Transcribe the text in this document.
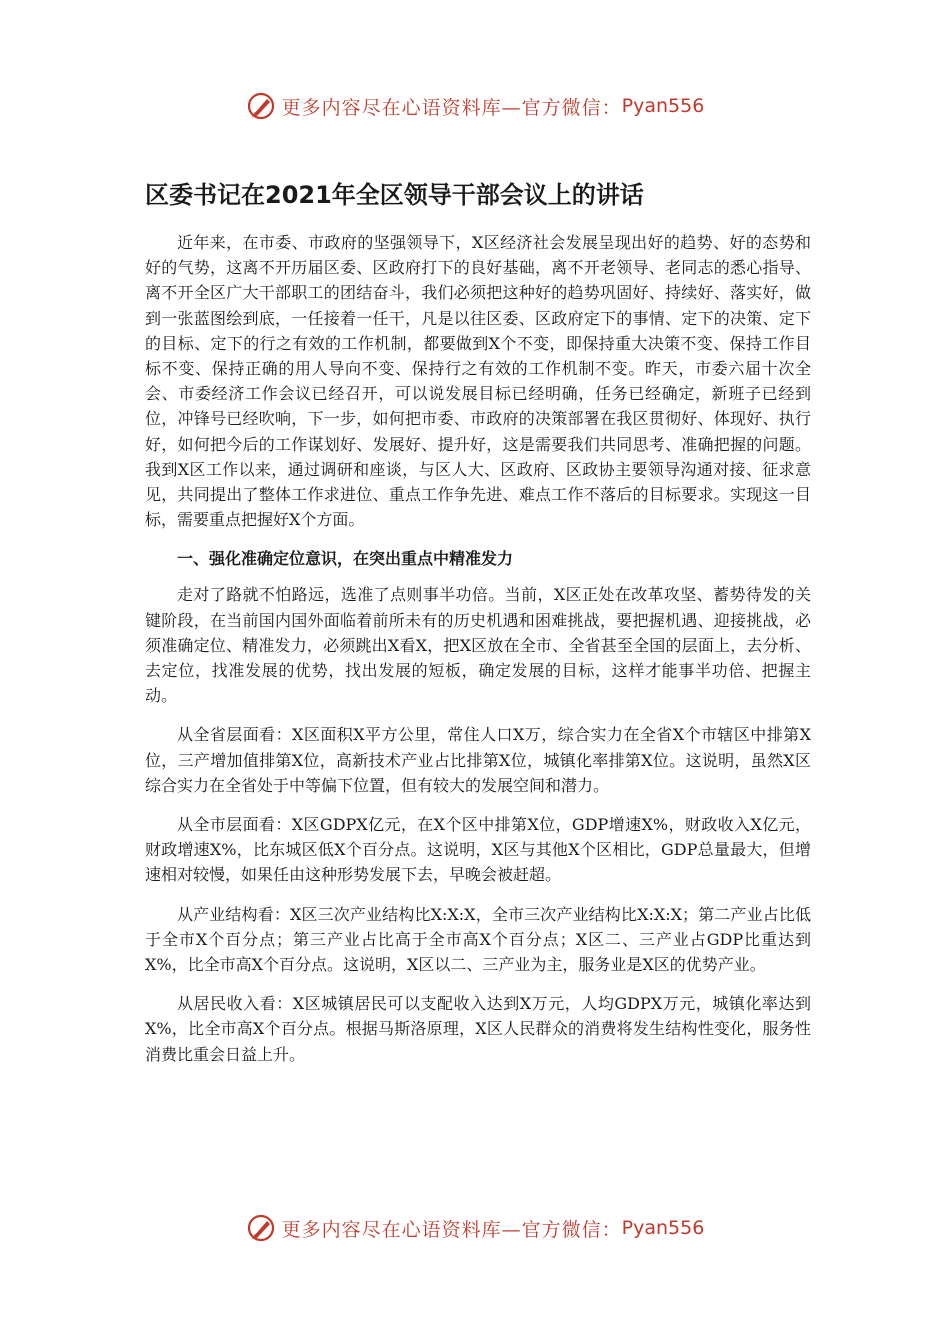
更多内容尽在心语资料库—官方微信： Pyan556
区委书记在2021年全区领导干部会议上的讲话

近年来，在市委、市政府的坚强领导下，X区经济社会发展呈现出好的趋势、好的态势和好的气势，这离不开历届区委、区政府打下的良好基础，离不开老领导、老同志的悉心指导、离不开全区广大干部职工的团结奋斗，我们必须把这种好的趋势巩固好、持续好、落实好，做到一张蓝图绘到底，一任接着一任干，凡是以往区委、区政府定下的事情、定下的决策、定下的目标、定下的行之有效的工作机制，都要做到X个不变，即保持重大决策不变、保持工作目标不变、保持正确的用人导向不变、保持行之有效的工作机制不变。昨天，市委六届十次全会、市委经济工作会议已经召开，可以说发展目标已经明确，任务已经确定，新班子已经到位，冲锋号已经吹响，下一步，如何把市委、市政府的决策部署在我区贯彻好、体现好、执行好，如何把今后的工作谋划好、发展好、提升好，这是需要我们共同思考、准确把握的问题。我到X区工作以来，通过调研和座谈，与区人大、区政府、区政协主要领导沟通对接、征求意见，共同提出了整体工作求进位、重点工作争先进、难点工作不落后的目标要求。实现这一目标，需要重点把握好X个方面。

一、强化准确定位意识，在突出重点中精准发力

走对了路就不怕路远，选准了点则事半功倍。当前，X区正处在改革攻坚、蓄势待发的关键阶段，在当前国内国外面临着前所未有的历史机遇和困难挑战，要把握机遇、迎接挑战，必须准确定位、精准发力，必须跳出X看X，把X区放在全市、全省甚至全国的层面上，去分析、去定位，找准发展的优势，找出发展的短板，确定发展的目标，这样才能事半功倍、把握主动。

从全省层面看：X区面积X平方公里，常住人口X万，综合实力在全省X个市辖区中排第X位，三产增加值排第X位，高新技术产业占比排第X位，城镇化率排第X位。这说明，虽然X区综合实力在全省处于中等偏下位置，但有较大的发展空间和潜力。

从全市层面看：X区GDPX亿元，在X个区中排第X位，GDP增速X%，财政收入X亿元，财政增速X%，比东城区低X个百分点。这说明，X区与其他X个区相比，GDP总量最大，但增速相对较慢，如果任由这种形势发展下去，早晚会被赶超。

从产业结构看：X区三次产业结构比X:X:X，全市三次产业结构比X:X:X；第二产业占比低于全市X个百分点；第三产业占比高于全市高X个百分点；X区二、三产业占GDP比重达到X%，比全市高X个百分点。这说明，X区以二、三产业为主，服务业是X区的优势产业。

从居民收入看：X区城镇居民可以支配收入达到X万元，人均GDPX万元，城镇化率达到X%，比全市高X个百分点。根据马斯洛原理，X区人民群众的消费将发生结构性变化，服务性消费比重会日益上升。

更多内容尽在心语资料库—官方微信： Pyan556
